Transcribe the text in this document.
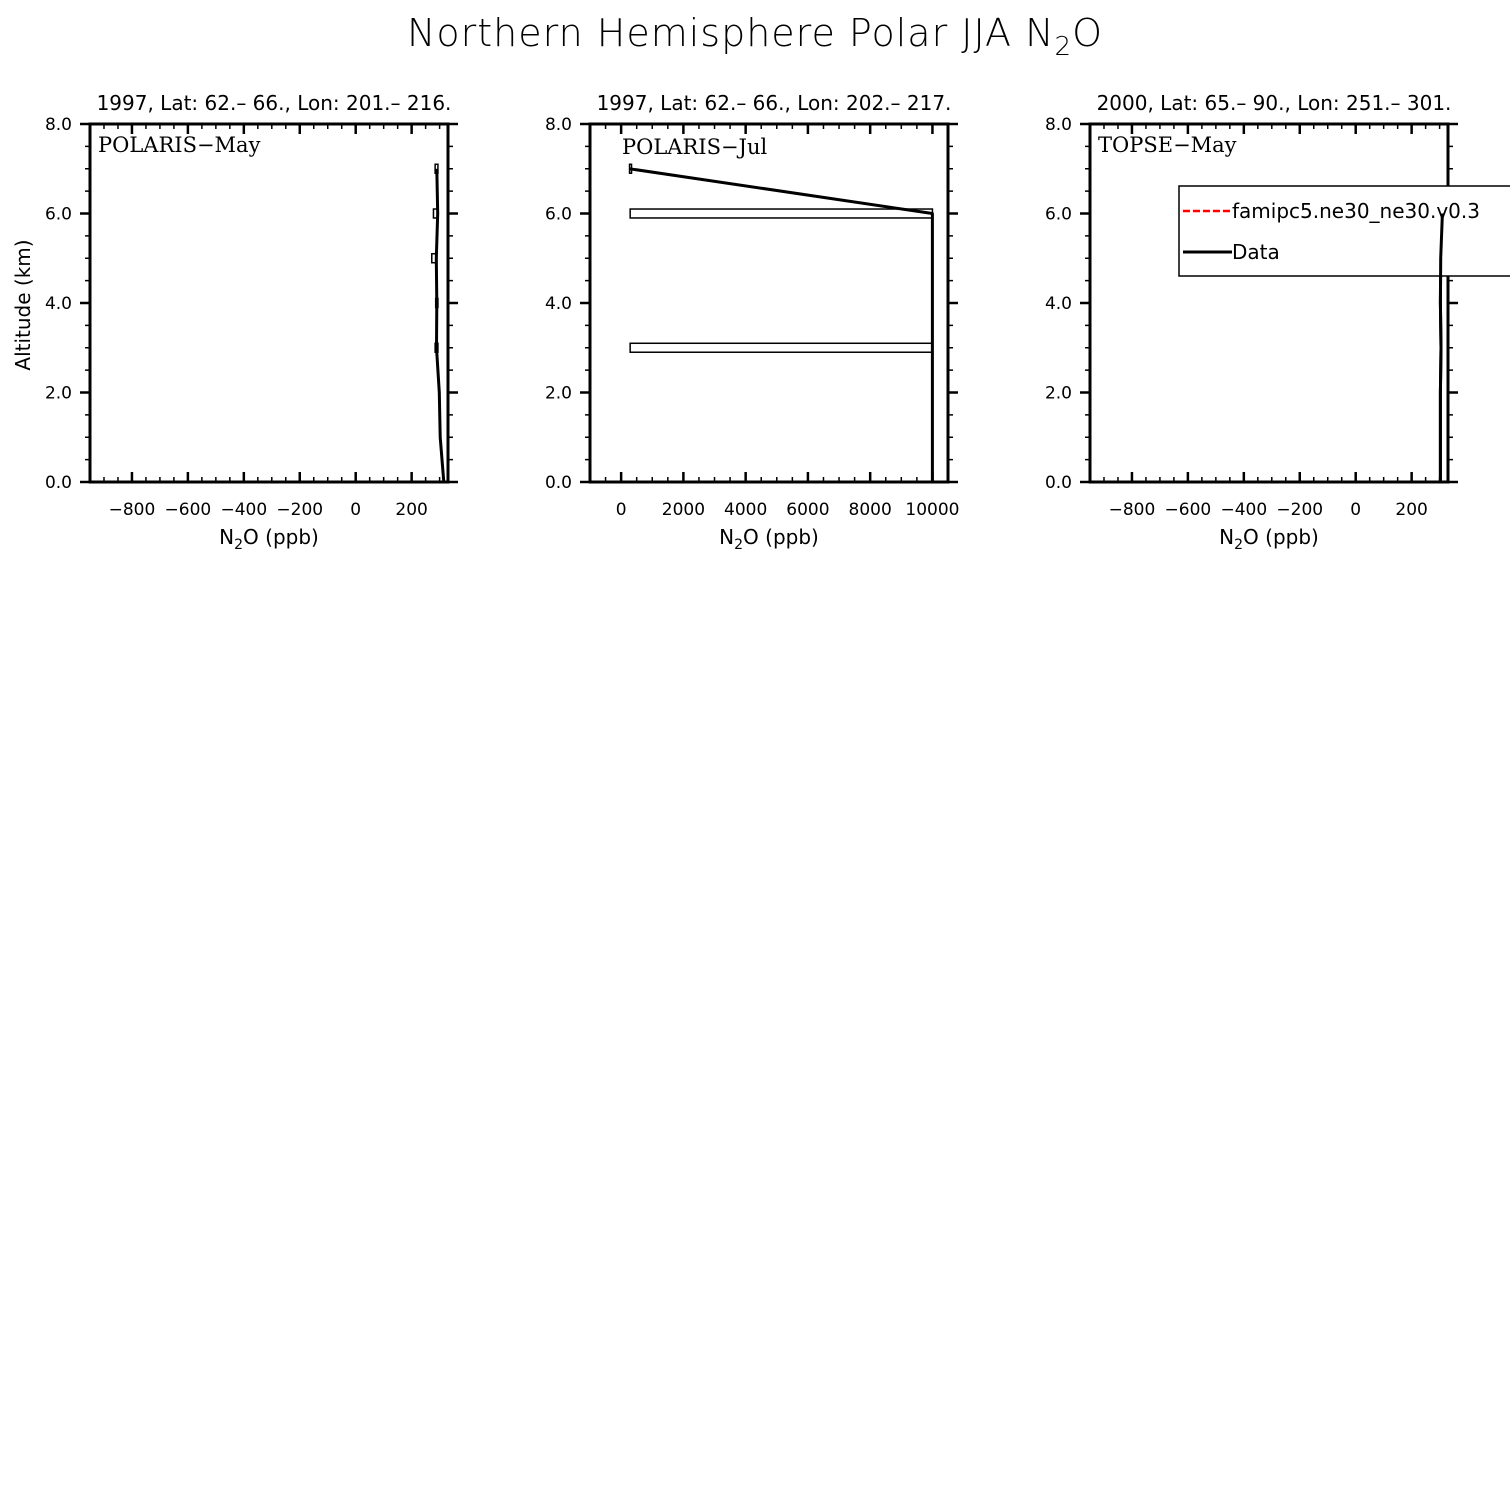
Northern Hemisphere Polar JJA $N_2O$
1997, Lat: 62.– 66., Lon: 201.– 216.
0.0
2.0
4.0
6.0
8.0
−800 −600 −400 −200 0 200
$N_2O$ (ppb)
Altitude (km)
POLARIS−May
1997, Lat: 62.– 66., Lon: 202.– 217.
0.0
2.0
4.0
6.0
8.0
0 2000 4000 6000 8000 10000
$N_2O$ (ppb)
POLARIS−Jul
2000, Lat: 65.– 90., Lon: 251.– 301.
0.0
2.0
4.0
6.0
8.0
−800 −600 −400 −200 0 200
$N_2O$ (ppb)
TOPSE−May
famipc5.ne30_ne30.v0.3
Data
